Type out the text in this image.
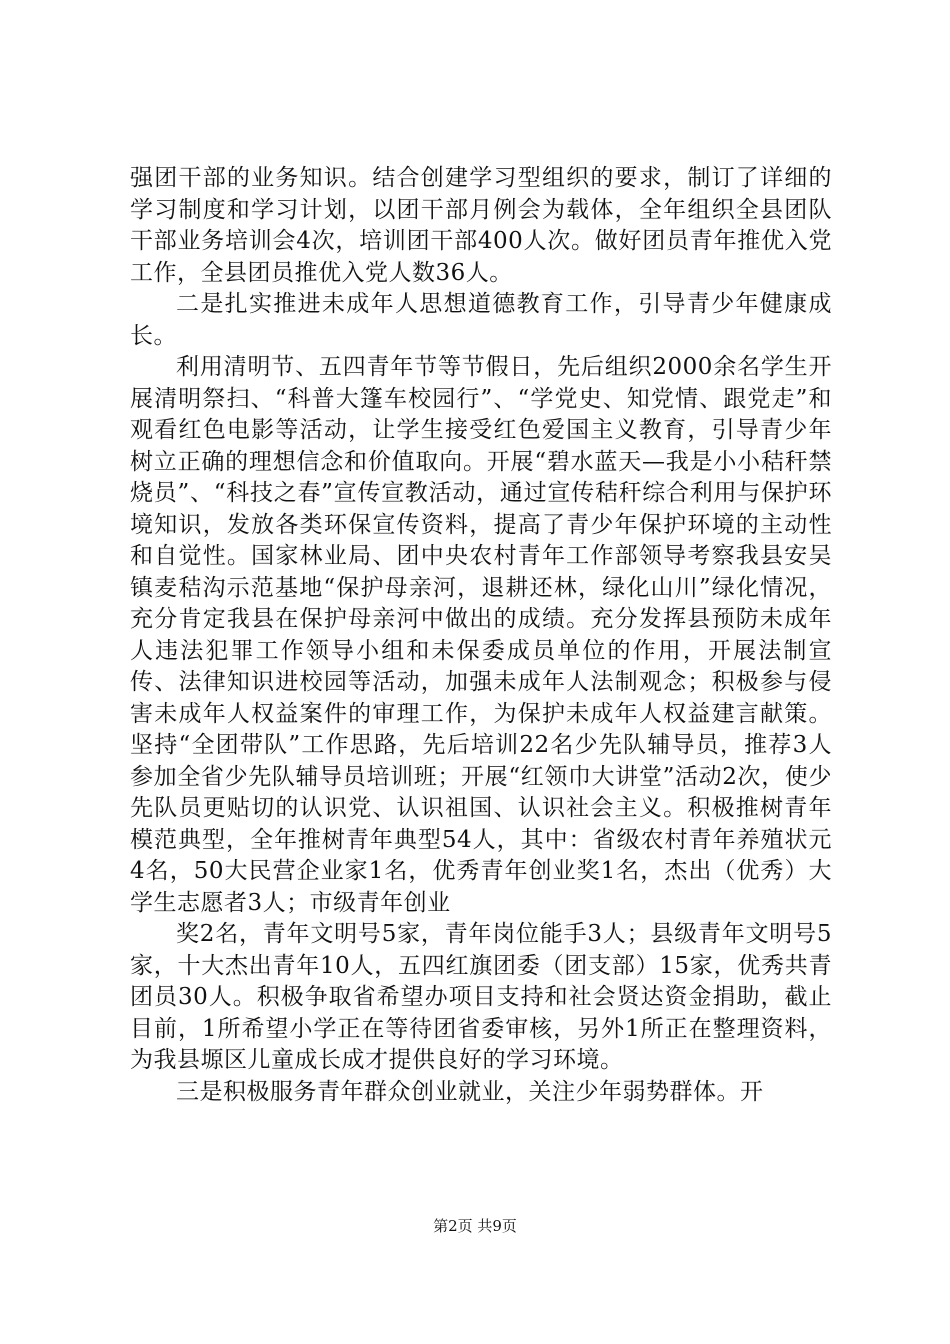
强团干部的业务知识。结合创建学习型组织的要求，制订了详细的学习制度和学习计划，以团干部月例会为载体，全年组织全县团队干部业务培训会4次，培训团干部400人次。做好团员青年推优入党工作，全县团员推优入党人数36人。

二是扎实推进未成年人思想道德教育工作，引导青少年健康成长。

利用清明节、五四青年节等节假日，先后组织2000余名学生开展清明祭扫、“科普大篷车校园行”、“学党史、知党情、跟党走”和观看红色电影等活动，让学生接受红色爱国主义教育，引导青少年树立正确的理想信念和价值取向。开展“碧水蓝天—我是小小秸秆禁烧员”、“科技之春”宣传宣教活动，通过宣传秸秆综合利用与保护环境知识，发放各类环保宣传资料，提高了青少年保护环境的主动性和自觉性。国家林业局、团中央农村青年工作部领导考察我县安吴镇麦秸沟示范基地“保护母亲河，退耕还林，绿化山川”绿化情况，充分肯定我县在保护母亲河中做出的成绩。充分发挥县预防未成年人违法犯罪工作领导小组和未保委成员单位的作用，开展法制宣传、法律知识进校园等活动，加强未成年人法制观念；积极参与侵害未成年人权益案件的审理工作，为保护未成年人权益建言献策。坚持“全团带队”工作思路，先后培训22名少先队辅导员，推荐3人参加全省少先队辅导员培训班；开展“红领巾大讲堂”活动2次，使少先队员更贴切的认识党、认识祖国、认识社会主义。积极推树青年模范典型，全年推树青年典型54人，其中：省级农村青年养殖状元4名，50大民营企业家1名，优秀青年创业奖1名，杰出（优秀）大学生志愿者3人；市级青年创业

奖2名，青年文明号5家，青年岗位能手3人；县级青年文明号5家，十大杰出青年10人，五四红旗团委（团支部）15家，优秀共青团员30人。积极争取省希望办项目支持和社会贤达资金捐助，截止目前，1所希望小学正在等待团省委审核，另外1所正在整理资料，为我县塬区儿童成长成才提供良好的学习环境。

三是积极服务青年群众创业就业，关注少年弱势群体。开

第2页 共9页
